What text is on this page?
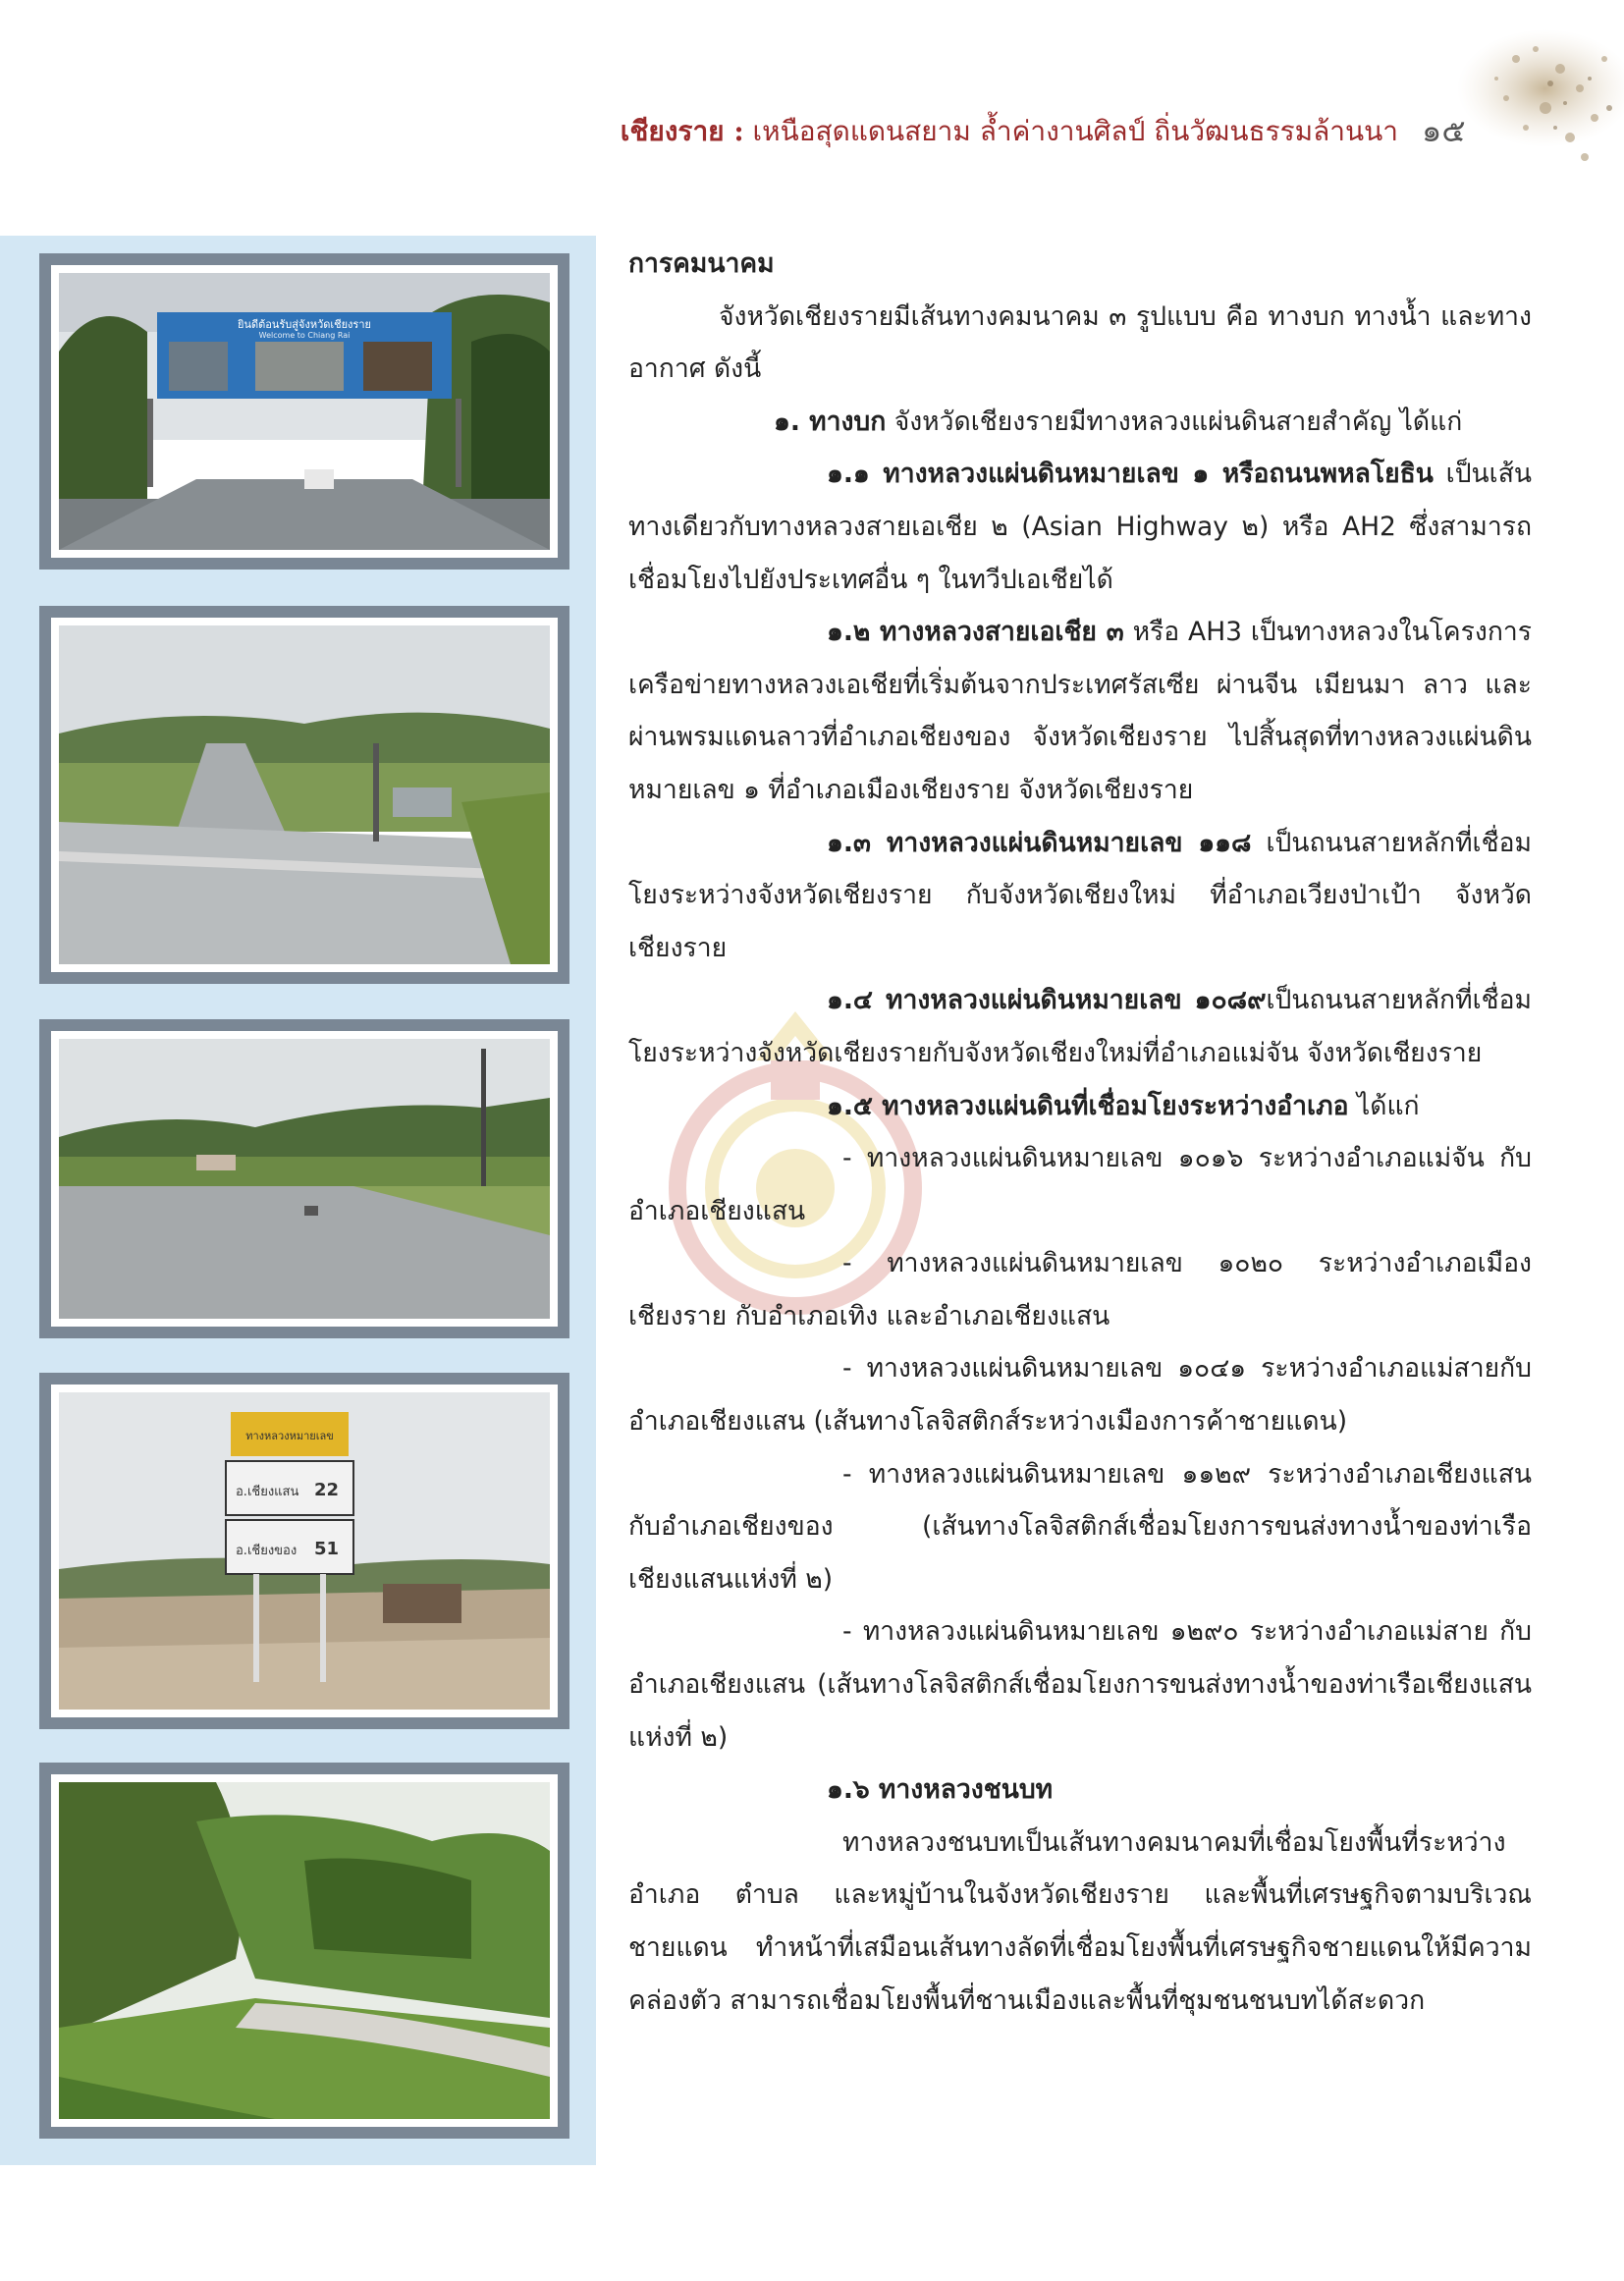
เชียงราย : เหนือสุดแดนสยาม ล้ำค่างานศิลป์ ถิ่นวัฒนธรรมล้านนา ๑๕
ยินดีต้อนรับสู่จังหวัดเชียงราย
Welcome to Chiang Rai
ทางหลวงหมายเลข
อ.เชียงแสน 22
อ.เชียงของ 51

การคมนาคม

จังหวัดเชียงรายมีเส้นทางคมนาคม ๓ รูปแบบ คือ ทางบก ทางน้ำ และทางอากาศ ดังนี้

๑. ทางบก จังหวัดเชียงรายมีทางหลวงแผ่นดินสายสำคัญ ได้แก่

๑.๑ ทางหลวงแผ่นดินหมายเลข ๑ หรือถนนพหลโยธิน เป็นเส้นทางเดียวกับทางหลวงสายเอเชีย ๒ (Asian Highway ๒) หรือ AH2 ซึ่งสามารถเชื่อมโยงไปยังประเทศอื่น ๆ ในทวีปเอเชียได้

๑.๒ ทางหลวงสายเอเชีย ๓ หรือ AH3 เป็นทางหลวงในโครงการเครือข่ายทางหลวงเอเชียที่เริ่มต้นจากประเทศรัสเซีย ผ่านจีน เมียนมา ลาว และผ่านพรมแดนลาวที่อำเภอเชียงของ จังหวัดเชียงราย ไปสิ้นสุดที่ทางหลวงแผ่นดินหมายเลข ๑ ที่อำเภอเมืองเชียงราย จังหวัดเชียงราย

๑.๓ ทางหลวงแผ่นดินหมายเลข ๑๑๘ เป็นถนนสายหลักที่เชื่อมโยงระหว่างจังหวัดเชียงราย กับจังหวัดเชียงใหม่ ที่อำเภอเวียงป่าเป้า จังหวัดเชียงราย

๑.๔ ทางหลวงแผ่นดินหมายเลข ๑๐๘๙เป็นถนนสายหลักที่เชื่อมโยงระหว่างจังหวัดเชียงรายกับจังหวัดเชียงใหม่ที่อำเภอแม่จัน จังหวัดเชียงราย

๑.๕ ทางหลวงแผ่นดินที่เชื่อมโยงระหว่างอำเภอ ได้แก่

- ทางหลวงแผ่นดินหมายเลข ๑๐๑๖ ระหว่างอำเภอแม่จัน กับอำเภอเชียงแสน

- ทางหลวงแผ่นดินหมายเลข ๑๐๒๐ ระหว่างอำเภอเมืองเชียงราย กับอำเภอเทิง และอำเภอเชียงแสน

- ทางหลวงแผ่นดินหมายเลข ๑๐๔๑ ระหว่างอำเภอแม่สายกับอำเภอเชียงแสน (เส้นทางโลจิสติกส์ระหว่างเมืองการค้าชายแดน)

- ทางหลวงแผ่นดินหมายเลข ๑๑๒๙ ระหว่างอำเภอเชียงแสนกับอำเภอเชียงของ (เส้นทางโลจิสติกส์เชื่อมโยงการขนส่งทางน้ำของท่าเรือเชียงแสนแห่งที่ ๒)

- ทางหลวงแผ่นดินหมายเลข ๑๒๙๐ ระหว่างอำเภอแม่สาย กับอำเภอเชียงแสน (เส้นทางโลจิสติกส์เชื่อมโยงการขนส่งทางน้ำของท่าเรือเชียงแสนแห่งที่ ๒)

๑.๖ ทางหลวงชนบท

ทางหลวงชนบทเป็นเส้นทางคมนาคมที่เชื่อมโยงพื้นที่ระหว่างอำเภอ ตำบล และหมู่บ้านในจังหวัดเชียงราย และพื้นที่เศรษฐกิจตามบริเวณชายแดน ทำหน้าที่เสมือนเส้นทางลัดที่เชื่อมโยงพื้นที่เศรษฐกิจชายแดนให้มีความคล่องตัว สามารถเชื่อมโยงพื้นที่ชานเมืองและพื้นที่ชุมชนชนบทได้สะดวก
